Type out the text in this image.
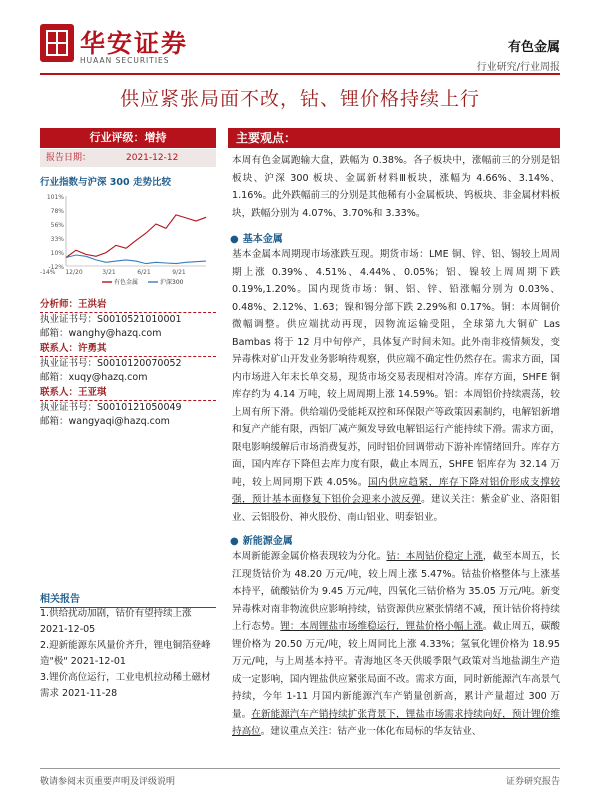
华安证券
HUAAN SECURITIES
有色金属
行业研究/行业周报
供应紧张局面不改，钴、锂价格持续上行
行业评级：增持
报告日期：	2021-12-12
行业指数与沪深 300 走势比较
101%
78%
56%
33%
10%
-12%
-14% 12/20	3/21	6/21	9/21
有色金属	沪深300
分析师：王洪岩
执业证书号：S0010521010001
邮箱：wanghy@hazq.com
联系人：许勇其
执业证书号：S0010120070052
邮箱：xuqy@hazq.com
联系人：王亚琪
执业证书号：S0010121050049
邮箱：wangyaqi@hazq.com
相关报告
1.供给扰动加剧，钴价有望持续上涨 2021-12-05
2.迎新能源东风量价齐升，锂电铜箔登峰造"极" 2021-12-01
3.锂价高位运行，工业电机拉动稀土磁材需求 2021-11-28
主要观点：
本周有色金属跑输大盘，跌幅为 0.38%。各子板块中，涨幅前三的分别是铝板块、沪深 300 板块、金属新材料Ⅲ板块，涨幅为 4.66%、3.14%、1.16%。此外跌幅前三的分别是其他稀有小金属板块、钨板块、非金属材料板块，跌幅分别为 4.07%、3.70%和 3.33%。
● 基本金属
基本金属本周期现市场涨跌互现。期货市场：LME 铜、锌、铝、锡较上周周期上涨 0.39%、4.51%、4.44%、0.05%；铝、镍较上周周期下跌 0.19%,1.20%。国内现货市场：铜、铝、锌、铅涨幅分别为 0.03%、0.48%、2.12%、1.63；镍和锡分部下跌 2.29%和 0.17%。铜：本周铜价微幅调整。供应端扰动再现，因物流运输受阻，全球第九大铜矿 Las Bambas 将于 12 月中旬停产，具体复产时间未知。此外南非疫情频发，变异毒株对矿山开发业务影响待观察，供应端不确定性仍然存在。需求方面，国内市场进入年末长单交易，现货市场交易表现相对冷清。库存方面，SHFE 铜库存约为 4.14 万吨，较上周周期上涨 14.59%。铝：本周铝价持续震荡，较上周有所下滑。供给端仍受能耗双控和环保限产等政策因素制约，电解铝新增和复产产能有限，西铝厂减产频发导致电解铝运行产能持续下滑。需求方面，限电影响缓解后市场消费复苏，同时铝价回调带动下游补库情绪回升。库存方面，国内库存下降但去库力度有限，截止本周五，SHFE 铝库存为 32.14 万吨，较上周同期下跌 4.05%。国内供应趋紧，库存下降对铝价形成支撑较强，预计基本面修复下铝价会迎来小波反弹。建议关注：紫金矿业、洛阳钼业、云铝股份、神火股份、南山铝业、明泰铝业。
● 新能源金属
本周新能源金属价格表现较为分化。钴：本周钴价稳定上涨，截至本周五，长江现货钴价为 48.20 万元/吨，较上周上涨 5.47%。钴盐价格整体与上涨基本持平，硫酸钴价为 9.45 万元/吨，四氧化三钴价格为 35.05 万元/吨。新变异毒株对南非物流供应影响持续，钴资源供应紧张情绪不减，预计钴价将持续上行态势。锂：本周锂盐市场维稳运行，锂盐价格小幅上涨。截止周五，碳酸锂价格为 20.50 万元/吨，较上周同比上涨 4.33%；氢氧化锂价格为 18.95 万元/吨，与上周基本持平。青海地区冬天供暖季限气政策对当地盐湖生产造成一定影响，国内锂盐供应紧张局面不改。需求方面，同时新能源汽车高景气持续，今年 1-11 月国内新能源汽车产销量创新高，累计产量超过 300 万量。在新能源汽车产销持续扩张背景下，锂盐市场需求持续向好，预计锂价维持高位。建议重点关注：钴产业一体化布局标的华友钴业、
敬请参阅末页重要声明及评级说明	证券研究报告
